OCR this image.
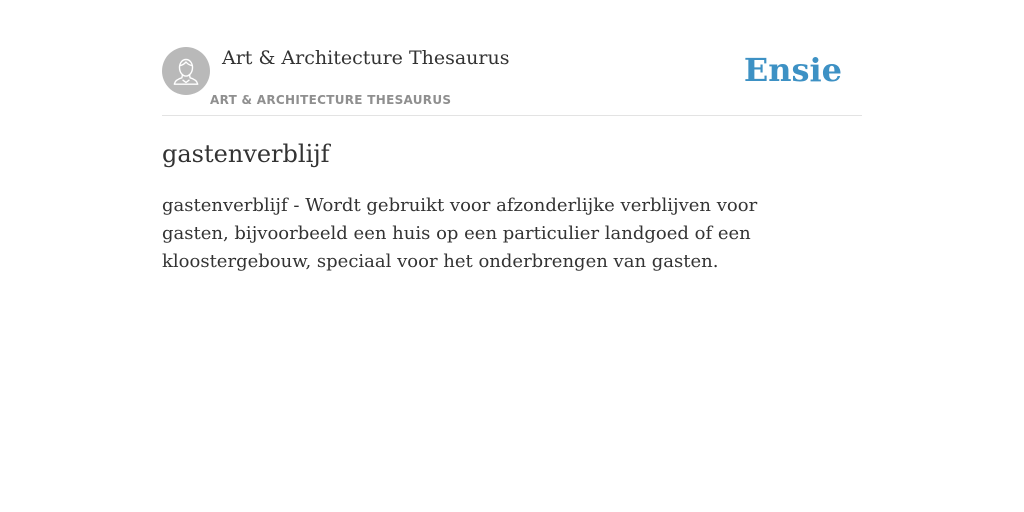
Art & Architecture Thesaurus
ART & ARCHITECTURE THESAURUS
Ensie
gastenverblijf

gastenverblijf - Wordt gebruikt voor afzonderlijke verblijven voor gasten, bijvoorbeeld een huis op een particulier landgoed of een kloostergebouw, speciaal voor het onderbrengen van gasten.
